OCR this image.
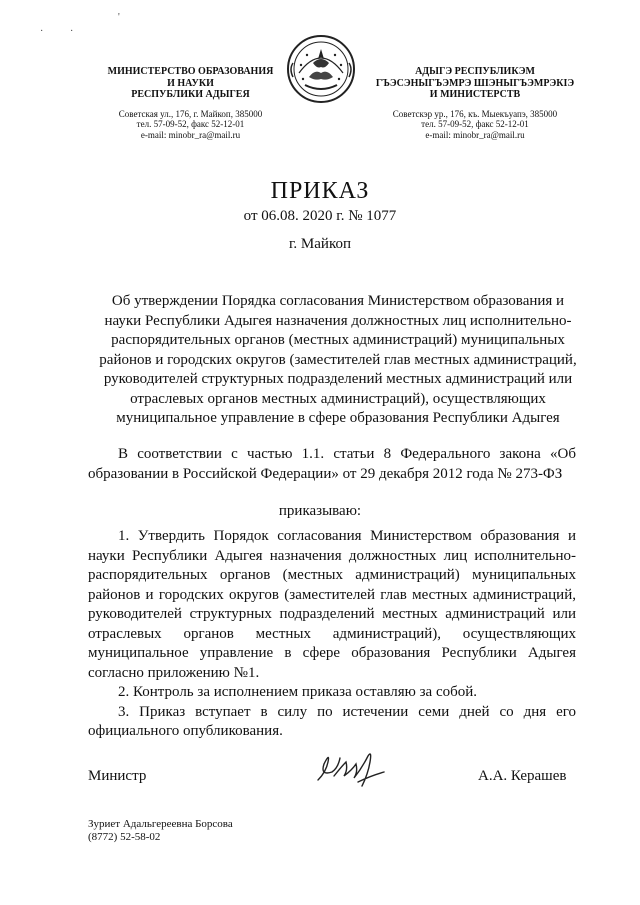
'
·	·
МИНИСТЕРСТВО ОБРАЗОВАНИЯ
И НАУКИ
РЕСПУБЛИКИ АДЫГЕЯ
Советская ул., 176, г. Майкоп, 385000
тел. 57-09-52, факс 52-12-01
e-mail: minobr_ra@mail.ru
АДЫГЭ РЕСПУБЛИКЭМ
ГЪЭСЭНЫГЪЭМРЭ ШIЭНЫГЪЭМРЭКIЭ
И МИНИСТЕРСТВ
Советскэр ур., 176, къ. Мыекъуапэ, 385000
тел. 57-09-52, факс 52-12-01
e-mail: minobr_ra@mail.ru
ПРИКАЗ
от 06.08. 2020 г. № 1077
г. Майкоп
Об утверждении Порядка согласования Министерством образования и
науки Республики Адыгея назначения должностных лиц исполнительно-
распорядительных органов (местных администраций) муниципальных
районов и городских округов (заместителей глав местных администраций,
руководителей структурных подразделений местных администраций или
отраслевых органов местных администраций), осуществляющих
муниципальное управление в сфере образования Республики Адыгея
В соответствии с частью 1.1. статьи 8 Федерального закона «Об образовании в Российской Федерации» от 29 декабря 2012 года № 273-ФЗ
приказываю:

1. Утвердить Порядок согласования Министерством образования и науки Республики Адыгея назначения должностных лиц исполнительно-распорядительных органов (местных администраций) муниципальных районов и городских округов (заместителей глав местных администраций, руководителей структурных подразделений местных администраций или отраслевых органов местных администраций), осуществляющих муниципальное управление в сфере образования Республики Адыгея согласно приложению №1.

2. Контроль за исполнением приказа оставляю за собой.

3. Приказ вступает в силу по истечении семи дней со дня его официального опубликования.

Министр	А.А. Керашев
Зуриет Адальгереевна Борсова
(8772) 52-58-02
